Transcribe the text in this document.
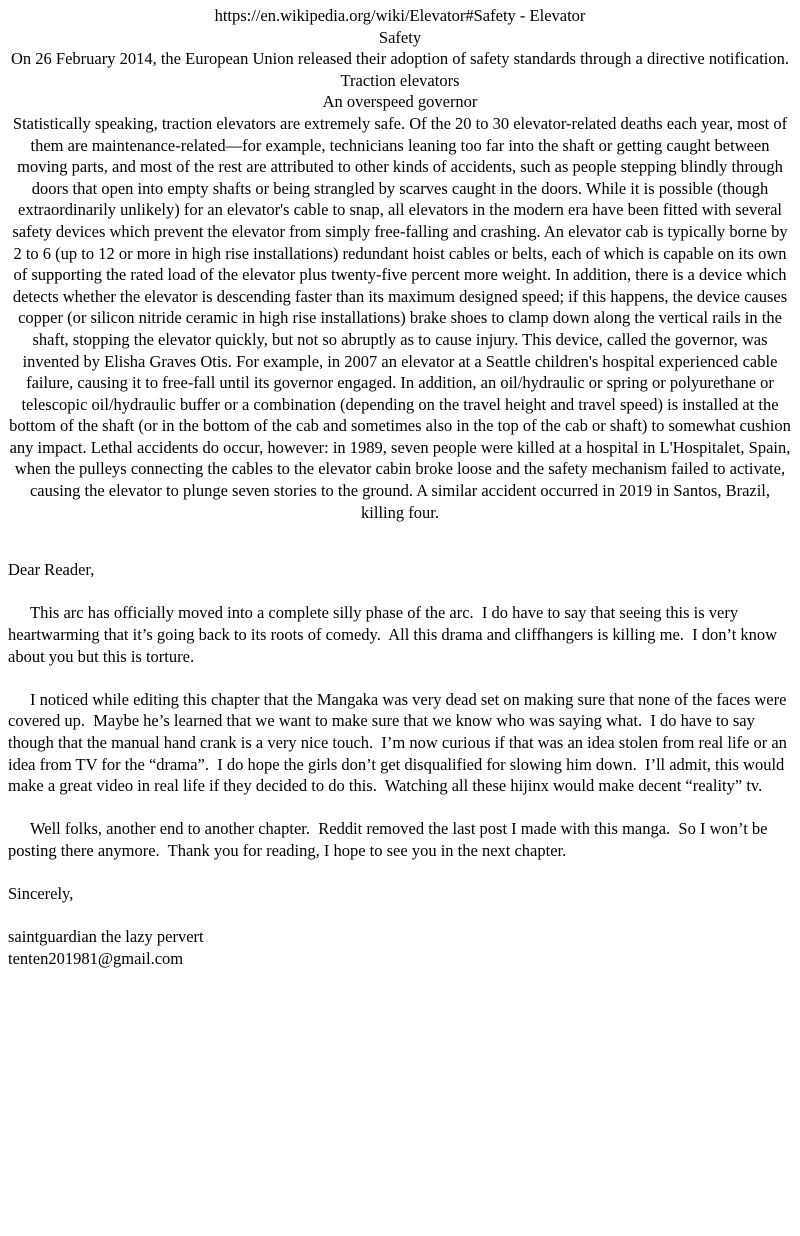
https://en.wikipedia.org/wiki/Elevator#Safety - Elevator
Safety
On 26 February 2014, the European Union released their adoption of safety standards through a directive notification.
Traction elevators
An overspeed governor
Statistically speaking, traction elevators are extremely safe. Of the 20 to 30 elevator-related deaths each year, most of them are maintenance-related—for example, technicians leaning too far into the shaft or getting caught between moving parts, and most of the rest are attributed to other kinds of accidents, such as people stepping blindly through doors that open into empty shafts or being strangled by scarves caught in the doors. While it is possible (though extraordinarily unlikely) for an elevator's cable to snap, all elevators in the modern era have been fitted with several safety devices which prevent the elevator from simply free-falling and crashing. An elevator cab is typically borne by 2 to 6 (up to 12 or more in high rise installations) redundant hoist cables or belts, each of which is capable on its own of supporting the rated load of the elevator plus twenty-five percent more weight. In addition, there is a device which detects whether the elevator is descending faster than its maximum designed speed; if this happens, the device causes copper (or silicon nitride ceramic in high rise installations) brake shoes to clamp down along the vertical rails in the shaft, stopping the elevator quickly, but not so abruptly as to cause injury. This device, called the governor, was invented by Elisha Graves Otis. For example, in 2007 an elevator at a Seattle children's hospital experienced cable failure, causing it to free-fall until its governor engaged. In addition, an oil/hydraulic or spring or polyurethane or telescopic oil/hydraulic buffer or a combination (depending on the travel height and travel speed) is installed at the bottom of the shaft (or in the bottom of the cab and sometimes also in the top of the cab or shaft) to somewhat cushion any impact. Lethal accidents do occur, however: in 1989, seven people were killed at a hospital in L'Hospitalet, Spain, when the pulleys connecting the cables to the elevator cabin broke loose and the safety mechanism failed to activate, causing the elevator to plunge seven stories to the ground. A similar accident occurred in 2019 in Santos, Brazil, killing four.
Dear Reader,

This arc has officially moved into a complete silly phase of the arc.  I do have to say that seeing this is very heartwarming that it’s going back to its roots of comedy.  All this drama and cliffhangers is killing me.  I don’t know about you but this is torture.

I noticed while editing this chapter that the Mangaka was very dead set on making sure that none of the faces were covered up.  Maybe he’s learned that we want to make sure that we know who was saying what.  I do have to say though that the manual hand crank is a very nice touch.  I’m now curious if that was an idea stolen from real life or an idea from TV for the “drama”.  I do hope the girls don’t get disqualified for slowing him down.  I’ll admit, this would make a great video in real life if they decided to do this.  Watching all these hijinx would make decent “reality” tv.

Well folks, another end to another chapter.  Reddit removed the last post I made with this manga.  So I won’t be posting there anymore.  Thank you for reading, I hope to see you in the next chapter.

Sincerely,
saintguardian the lazy pervert
tenten201981@gmail.com
